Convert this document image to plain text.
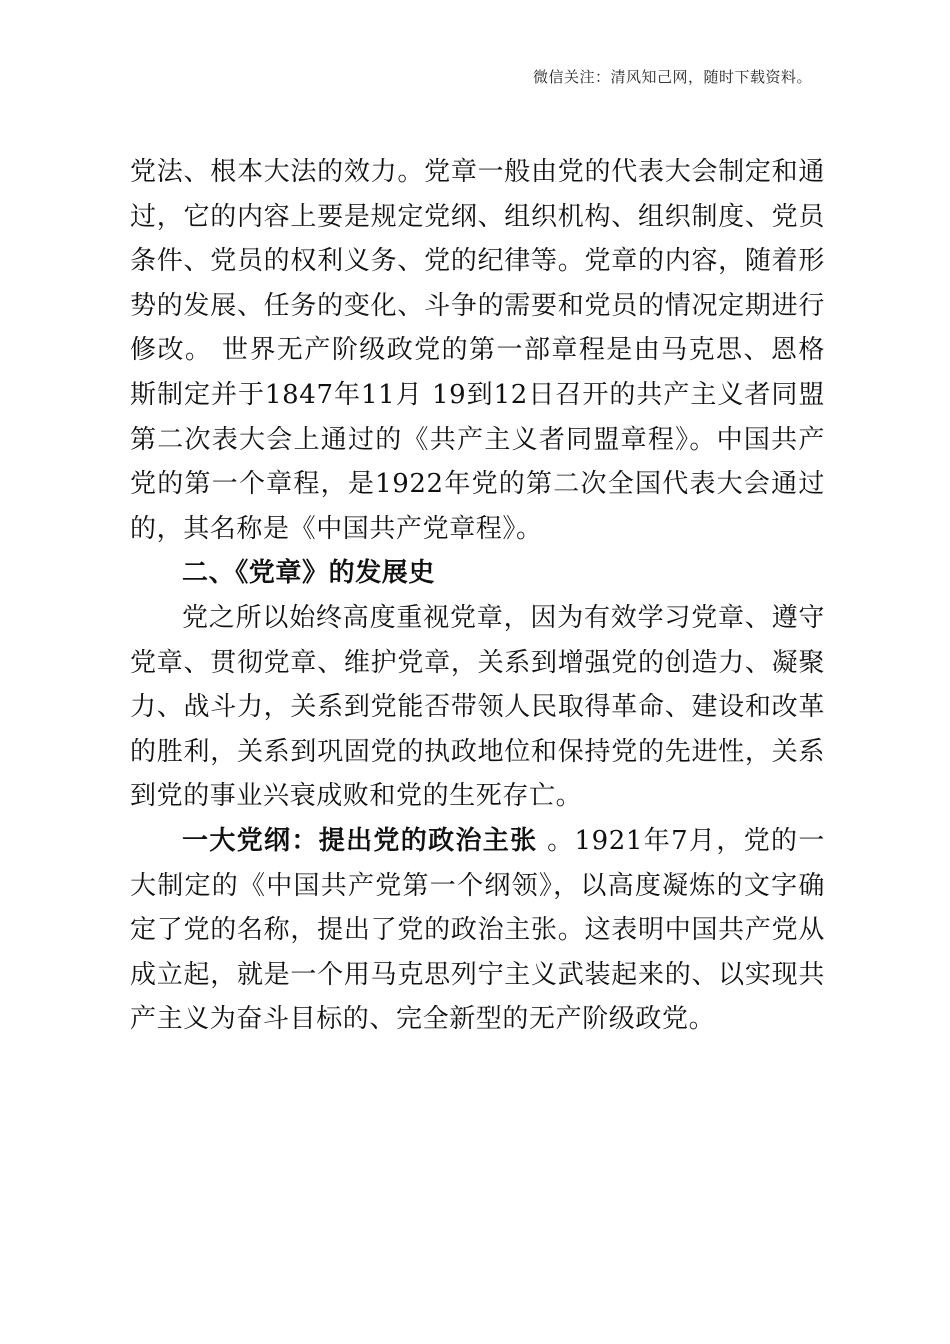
微信关注：清风知己网，随时下载资料。

党法、根本大法的效力。党章一般由党的代表大会制定和通过，它的内容上要是规定党纲、组织机构、组织制度、党员条件、党员的权利义务、党的纪律等。党章的内容，随着形势的发展、任务的变化、斗争的需要和党员的情况定期进行修改。 世界无产阶级政党的第一部章程是由马克思、恩格斯制定并于1847年11月 19到12日召开的共产主义者同盟第二次表大会上通过的《共产主义者同盟章程》。中国共产党的第一个章程，是1922年党的第二次全国代表大会通过的，其名称是《中国共产党章程》。

二、《党章》的发展史

党之所以始终高度重视党章，因为有效学习党章、遵守党章、贯彻党章、维护党章，关系到增强党的创造力、凝聚力、战斗力，关系到党能否带领人民取得革命、建设和改革的胜利，关系到巩固党的执政地位和保持党的先进性，关系到党的事业兴衰成败和党的生死存亡。

一大党纲：提出党的政治主张 。1921年7月，党的一大制定的《中国共产党第一个纲领》，以高度凝炼的文字确定了党的名称，提出了党的政治主张。这表明中国共产党从成立起，就是一个用马克思列宁主义武装起来的、以实现共产主义为奋斗目标的、完全新型的无产阶级政党。
